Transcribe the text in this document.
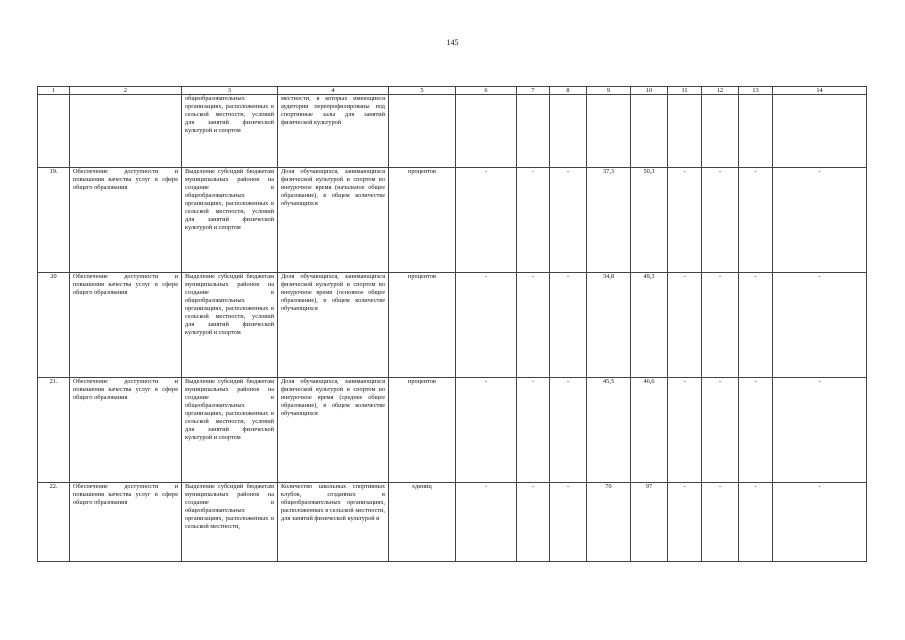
145
1	2	3	4	5	6	7	8	9	10	11	12	13	14
		общеобразовательных организациях, расположенных в сельской местности, условий для занятий физической культурой и спортом	местности, в которых имеющиеся аудитории перепрофилированы под спортивные залы для занятий физической культурой										
19.	Обеспечение доступности и повышения качества услуг в сфере общего образования	Выделение субсидий бюджетам муниципальных районов на создание в общеобразовательных организациях, расположенных в сельской местности, условий для занятий физической культурой и спортом	Доля обучающихся, занимающихся физической культурой и спортом во внеурочное время (начальное общее образование), в общем количестве обучающихся	процентов	-	-	-	37,3	50,3	-	-	-	-
20	Обеспечение доступности и повышения качества услуг в сфере общего образования	Выделение субсидий бюджетам муниципальных районов на создание в общеобразовательных организациях, расположенных в сельской местности, условий для занятий физической культурой и спортом	Доля обучающихся, занимающихся физической культурой и спортом во внеурочное время (основное общее образование), в общем количестве обучающихся	процентов	-	-	-	34,8	49,3	-	-	-	-
21.	Обеспечение доступности и повышения качества услуг в сфере общего образования	Выделение субсидий бюджетам муниципальных районов на создание в общеобразовательных организациях, расположенных в сельской местности, условий для занятий физической культурой и спортом	Доля обучающихся, занимающихся физической культурой и спортом во внеурочное время (среднее общее образование), в общем количестве обучающихся	процентов	-	-	-	45,5	46,6	-	-	-	-
22.	Обеспечение доступности и повышения качества услуг в сфере общего образования	Выделение субсидий бюджетам муниципальных районов на создание в общеобразовательных организациях, расположенных в сельской местности,	Количество школьных спортивных клубов, созданных в общеобразовательных организациях, расположенных в сельской местности, для занятий физической культурой и	единиц	-	-	-	70	97	-	-	-	-
